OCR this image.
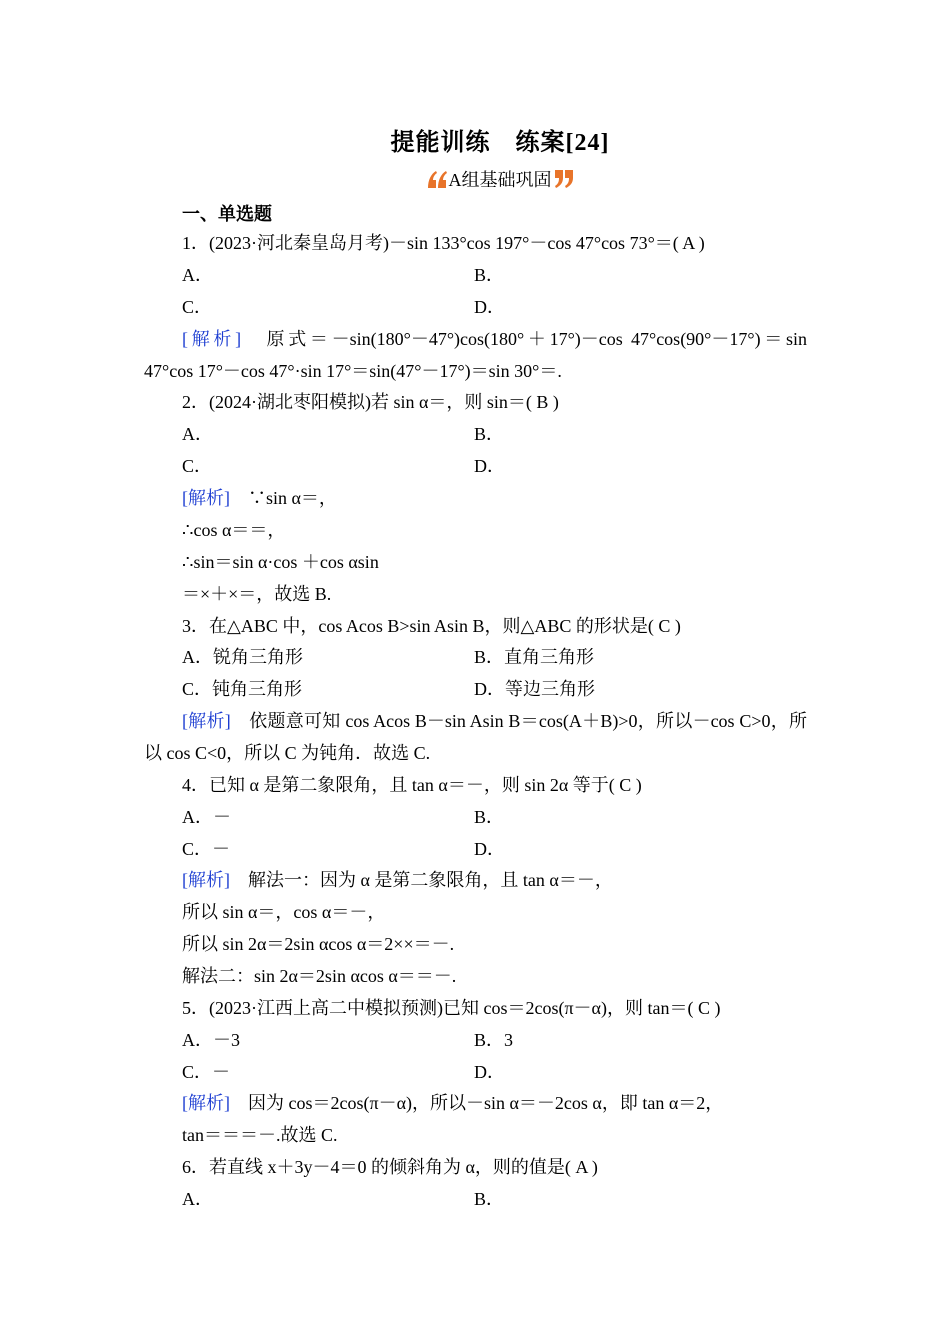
提能训练　练案[24]
A组基础巩固
一、单选题
1．(2023·河北秦皇岛月考)－sin 133°cos 197°－cos 47°cos 73°＝( A )
A．	B．
C．	D．
[解析]　 原式＝－sin(180°－47°)cos(180°＋17°)－cos 47°cos(90°－17°)＝sin 47°cos 17°－cos 47°·sin 17°＝sin(47°－17°)＝sin 30°＝.
2．(2024·湖北枣阳模拟)若 sin α＝，则 sin＝( B )
A．	B．
C．	D．
[解析]　 ∵sin α＝，
∴cos α＝＝，
∴sin＝sin α·cos ＋cos αsin
＝×＋×＝，故选 B.
3．在△ABC 中，cos Acos B>sin Asin B，则△ABC 的形状是( C )
A．锐角三角形	B．直角三角形
C．钝角三角形	D．等边三角形
[解析]　 依题意可知 cos Acos B－sin Asin B＝cos(A＋B)>0，所以－cos C>0，所以 cos C<0，所以 C 为钝角．故选 C.
4．已知 α 是第二象限角，且 tan α＝－，则 sin 2α 等于( C )
A．－	B．
C．－	D．
[解析]　 解法一：因为 α 是第二象限角，且 tan α＝－，
所以 sin α＝，cos α＝－，
所以 sin 2α＝2sin αcos α＝2××＝－.
解法二：sin 2α＝2sin αcos α＝＝－.
5．(2023·江西上高二中模拟预测)已知 cos＝2cos(π－α)，则 tan＝( C )
A．－3	B．3
C．－	D．
[解析]　 因为 cos＝2cos(π－α)，所以－sin α＝－2cos α，即 tan α＝2，
tan＝＝＝－.故选 C.
6．若直线 x＋3y－4＝0 的倾斜角为 α，则的值是( A )
A．	B．
